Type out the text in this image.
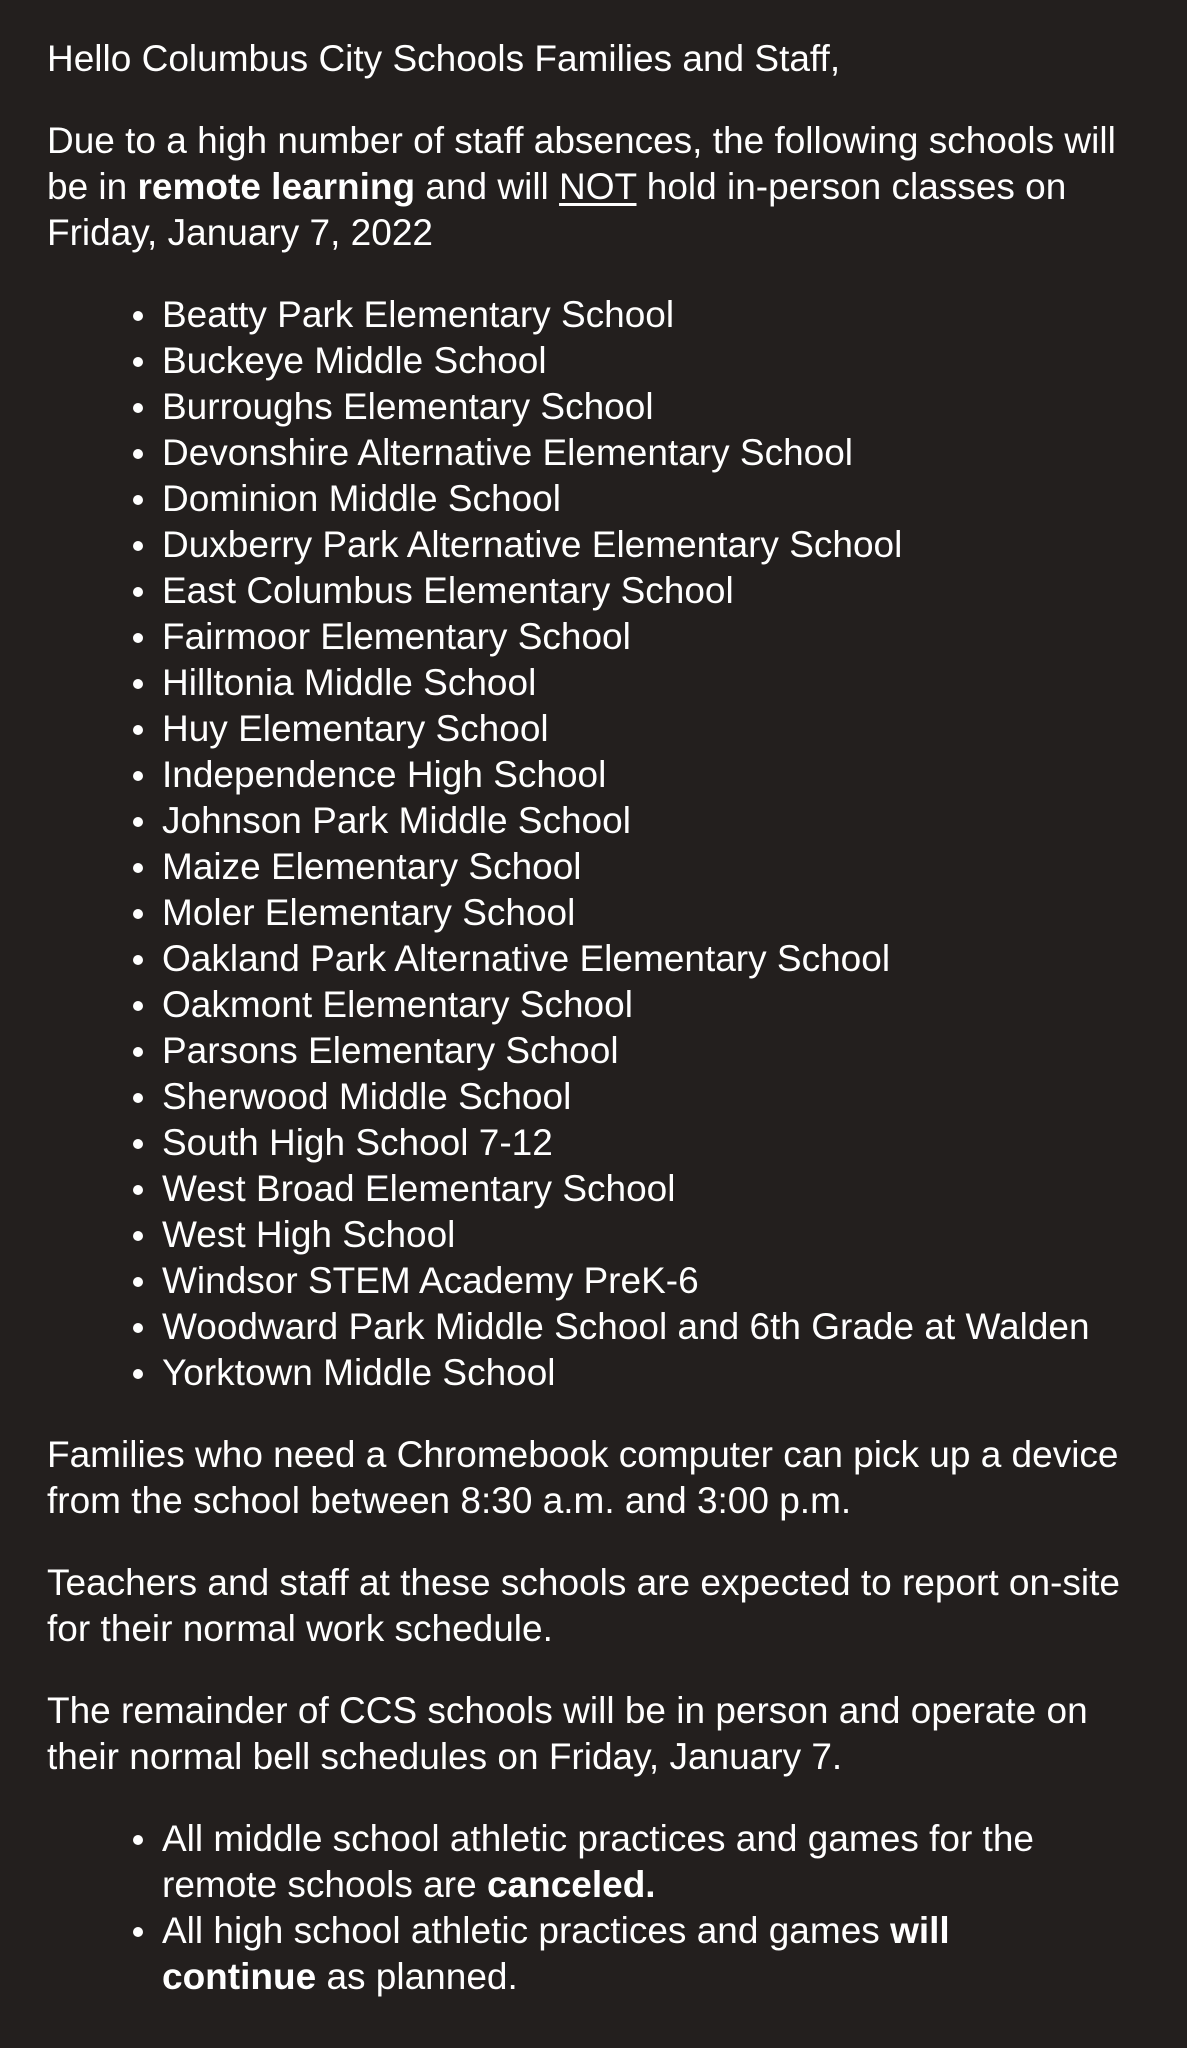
Hello Columbus City Schools Families and Staff,

Due to a high number of staff absences, the following schools will be in remote learning and will NOT hold in-person classes on Friday, January 7, 2022

Beatty Park Elementary School
Buckeye Middle School
Burroughs Elementary School
Devonshire Alternative Elementary School
Dominion Middle School
Duxberry Park Alternative Elementary School
East Columbus Elementary School
Fairmoor Elementary School
Hilltonia Middle School
Huy Elementary School
Independence High School
Johnson Park Middle School
Maize Elementary School
Moler Elementary School
Oakland Park Alternative Elementary School
Oakmont Elementary School
Parsons Elementary School
Sherwood Middle School
South High School 7-12
West Broad Elementary School
West High School
Windsor STEM Academy PreK-6
Woodward Park Middle School and 6th Grade at Walden
Yorktown Middle School

Families who need a Chromebook computer can pick up a device from the school between 8:30 a.m. and 3:00 p.m.

Teachers and staff at these schools are expected to report on-site for their normal work schedule.

The remainder of CCS schools will be in person and operate on their normal bell schedules on Friday, January 7.

All middle school athletic practices and games for the remote schools are canceled.
All high school athletic practices and games will continue as planned.
